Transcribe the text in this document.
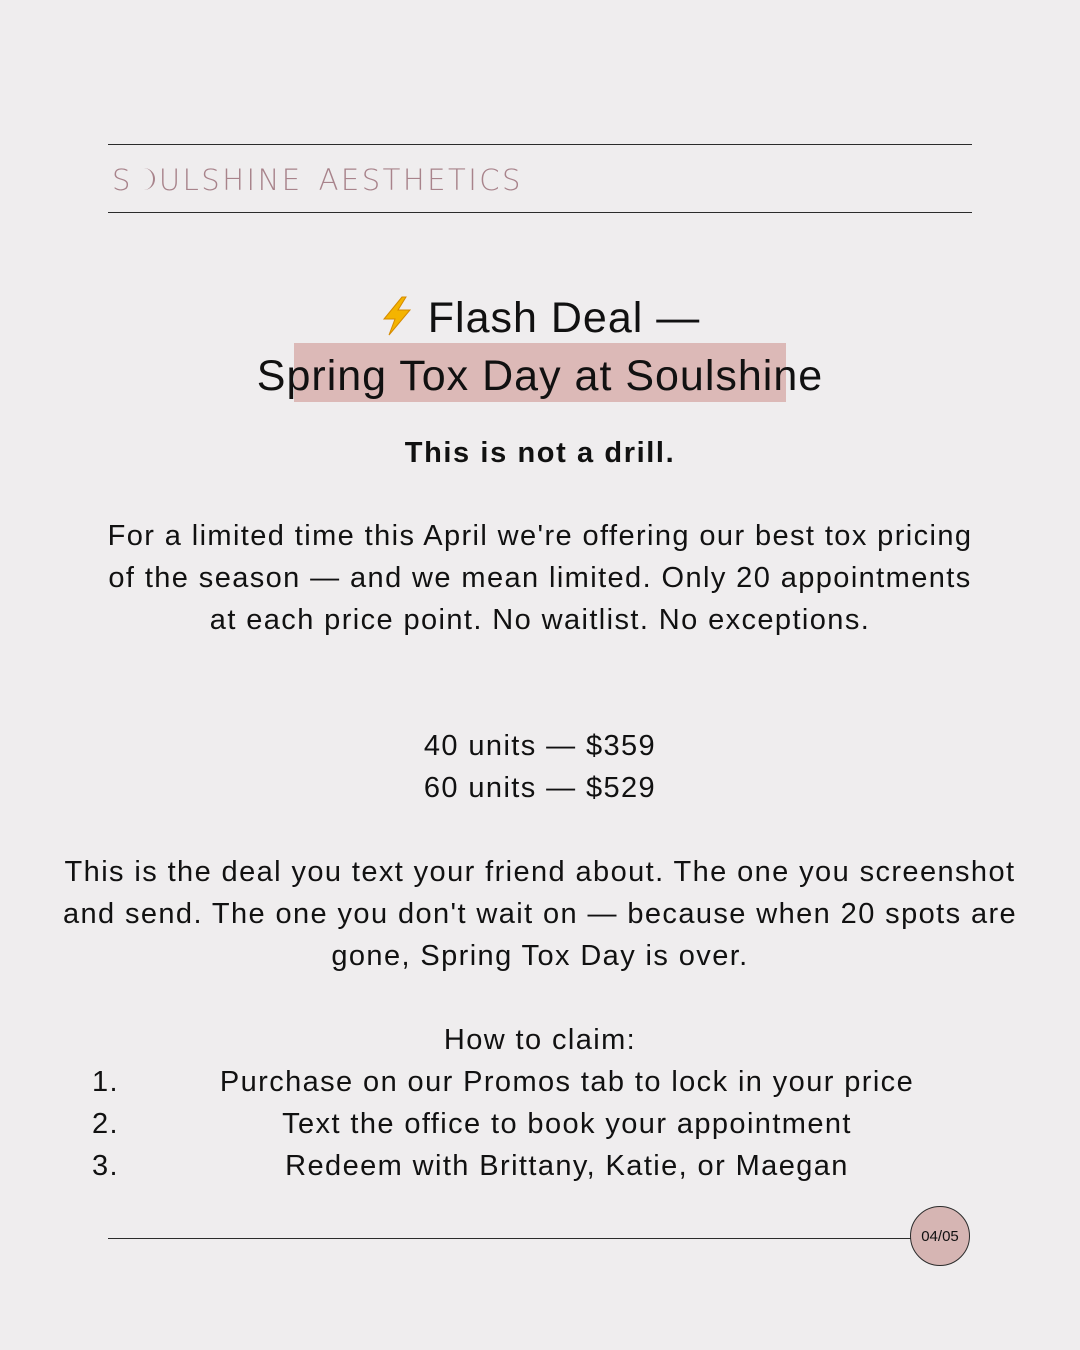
S ULSHINE AESTHETICS
Flash Deal —
Spring Tox Day at Soulshine
This is not a drill.
For a limited time this April we're offering our best tox pricing of the season — and we mean limited. Only 20 appointments at each price point. No waitlist. No exceptions.
40 units — $359
60 units — $529
This is the deal you text your friend about. The one you screenshot and send. The one you don't wait on — because when 20 spots are gone, Spring Tox Day is over.
How to claim:
1.	Purchase on our Promos tab to lock in your price
2.	Text the office to book your appointment
3.	Redeem with Brittany, Katie, or Maegan
04/05
